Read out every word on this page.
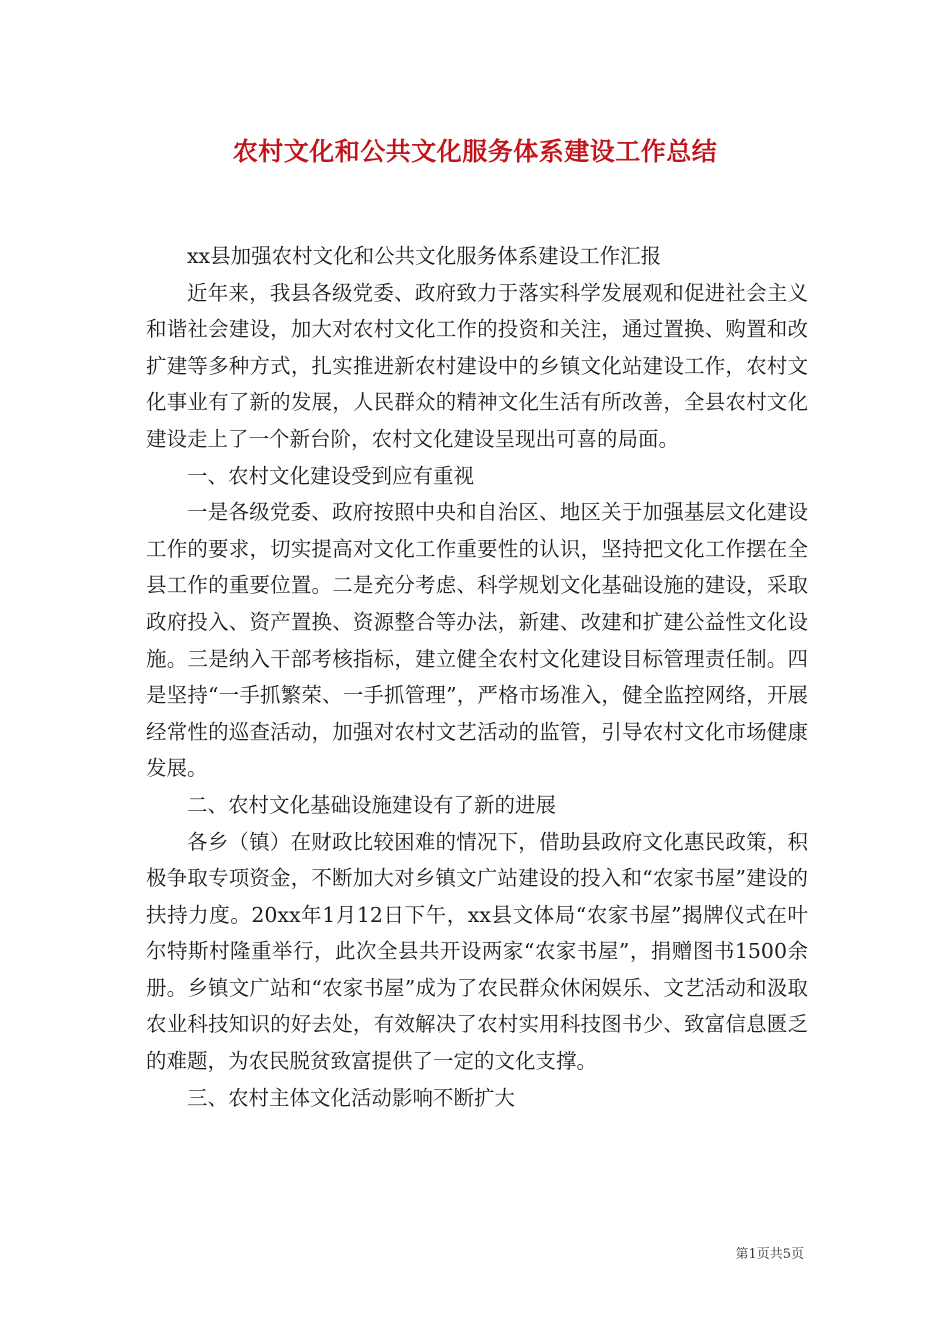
农村文化和公共文化服务体系建设工作总结

xx县加强农村文化和公共文化服务体系建设工作汇报

近年来，我县各级党委、政府致力于落实科学发展观和促进社会主义和谐社会建设，加大对农村文化工作的投资和关注，通过置换、购置和改扩建等多种方式，扎实推进新农村建设中的乡镇文化站建设工作，农村文化事业有了新的发展，人民群众的精神文化生活有所改善，全县农村文化建设走上了一个新台阶，农村文化建设呈现出可喜的局面。

一、农村文化建设受到应有重视

一是各级党委、政府按照中央和自治区、地区关于加强基层文化建设工作的要求，切实提高对文化工作重要性的认识，坚持把文化工作摆在全县工作的重要位置。二是充分考虑、科学规划文化基础设施的建设，采取政府投入、资产置换、资源整合等办法，新建、改建和扩建公益性文化设施。三是纳入干部考核指标，建立健全农村文化建设目标管理责任制。四是坚持“一手抓繁荣、一手抓管理”，严格市场准入，健全监控网络，开展经常性的巡查活动，加强对农村文艺活动的监管，引导农村文化市场健康发展。

二、农村文化基础设施建设有了新的进展

各乡（镇）在财政比较困难的情况下，借助县政府文化惠民政策，积极争取专项资金，不断加大对乡镇文广站建设的投入和“农家书屋”建设的扶持力度。20xx年1月12日下午，xx县文体局“农家书屋”揭牌仪式在叶尔特斯村隆重举行，此次全县共开设两家“农家书屋”，捐赠图书1500余册。乡镇文广站和“农家书屋”成为了农民群众休闲娱乐、文艺活动和汲取农业科技知识的好去处，有效解决了农村实用科技图书少、致富信息匮乏的难题，为农民脱贫致富提供了一定的文化支撑。

三、农村主体文化活动影响不断扩大

第1页共5页
